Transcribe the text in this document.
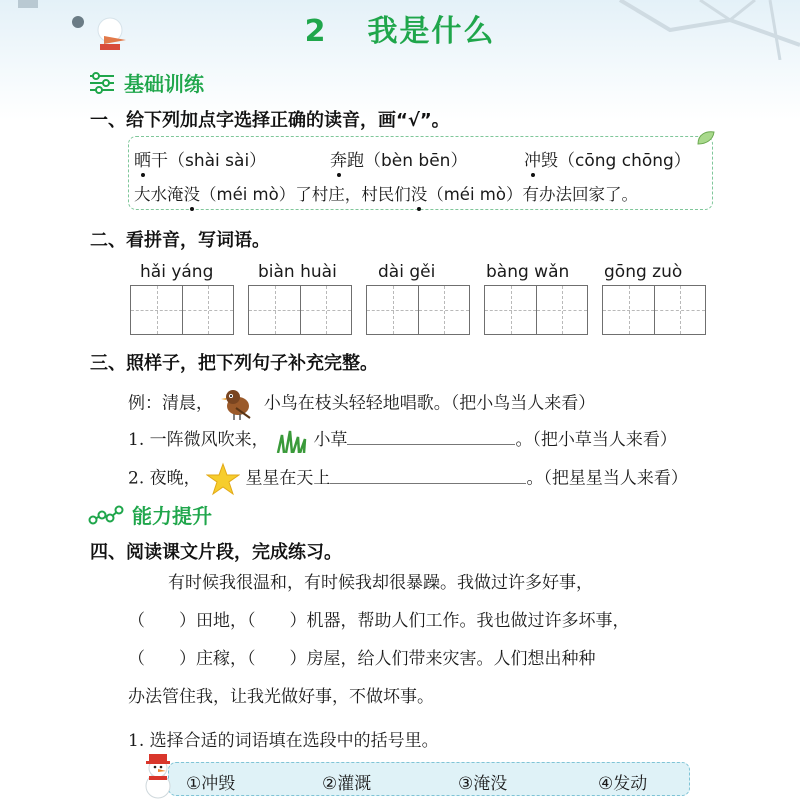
2 我是什么
基础训练
一、给下列加点字选择正确的读音，画“√”。
晒干（shài sài）	奔跑（bèn bēn）	冲毁（cōng chōng）
大水淹没（méi mò）了村庄，村民们没（méi mò）有办法回家了。
二、看拼音，写词语。
hǎi yáng	biàn huài dài gěi	bàng wǎn gōng zuò
三、照样子，把下列句子补充完整。
例：清晨，	小鸟在枝头轻轻地唱歌。（把小鸟当人来看）
1. 一阵微风吹来，	小草	。（把小草当人来看）
2. 夜晚，	星星在天上	。（把星星当人来看）
能力提升
四、阅读课文片段，完成练习。
有时候我很温和，有时候我却很暴躁。我做过许多好事，
（　　）田地，（　　）机器，帮助人们工作。我也做过许多坏事，
（　　）庄稼，（　　）房屋，给人们带来灾害。人们想出种种
办法管住我，让我光做好事，不做坏事。
1. 选择合适的词语填在选段中的括号里。
①冲毁	②灌溉	③淹没	④发动
